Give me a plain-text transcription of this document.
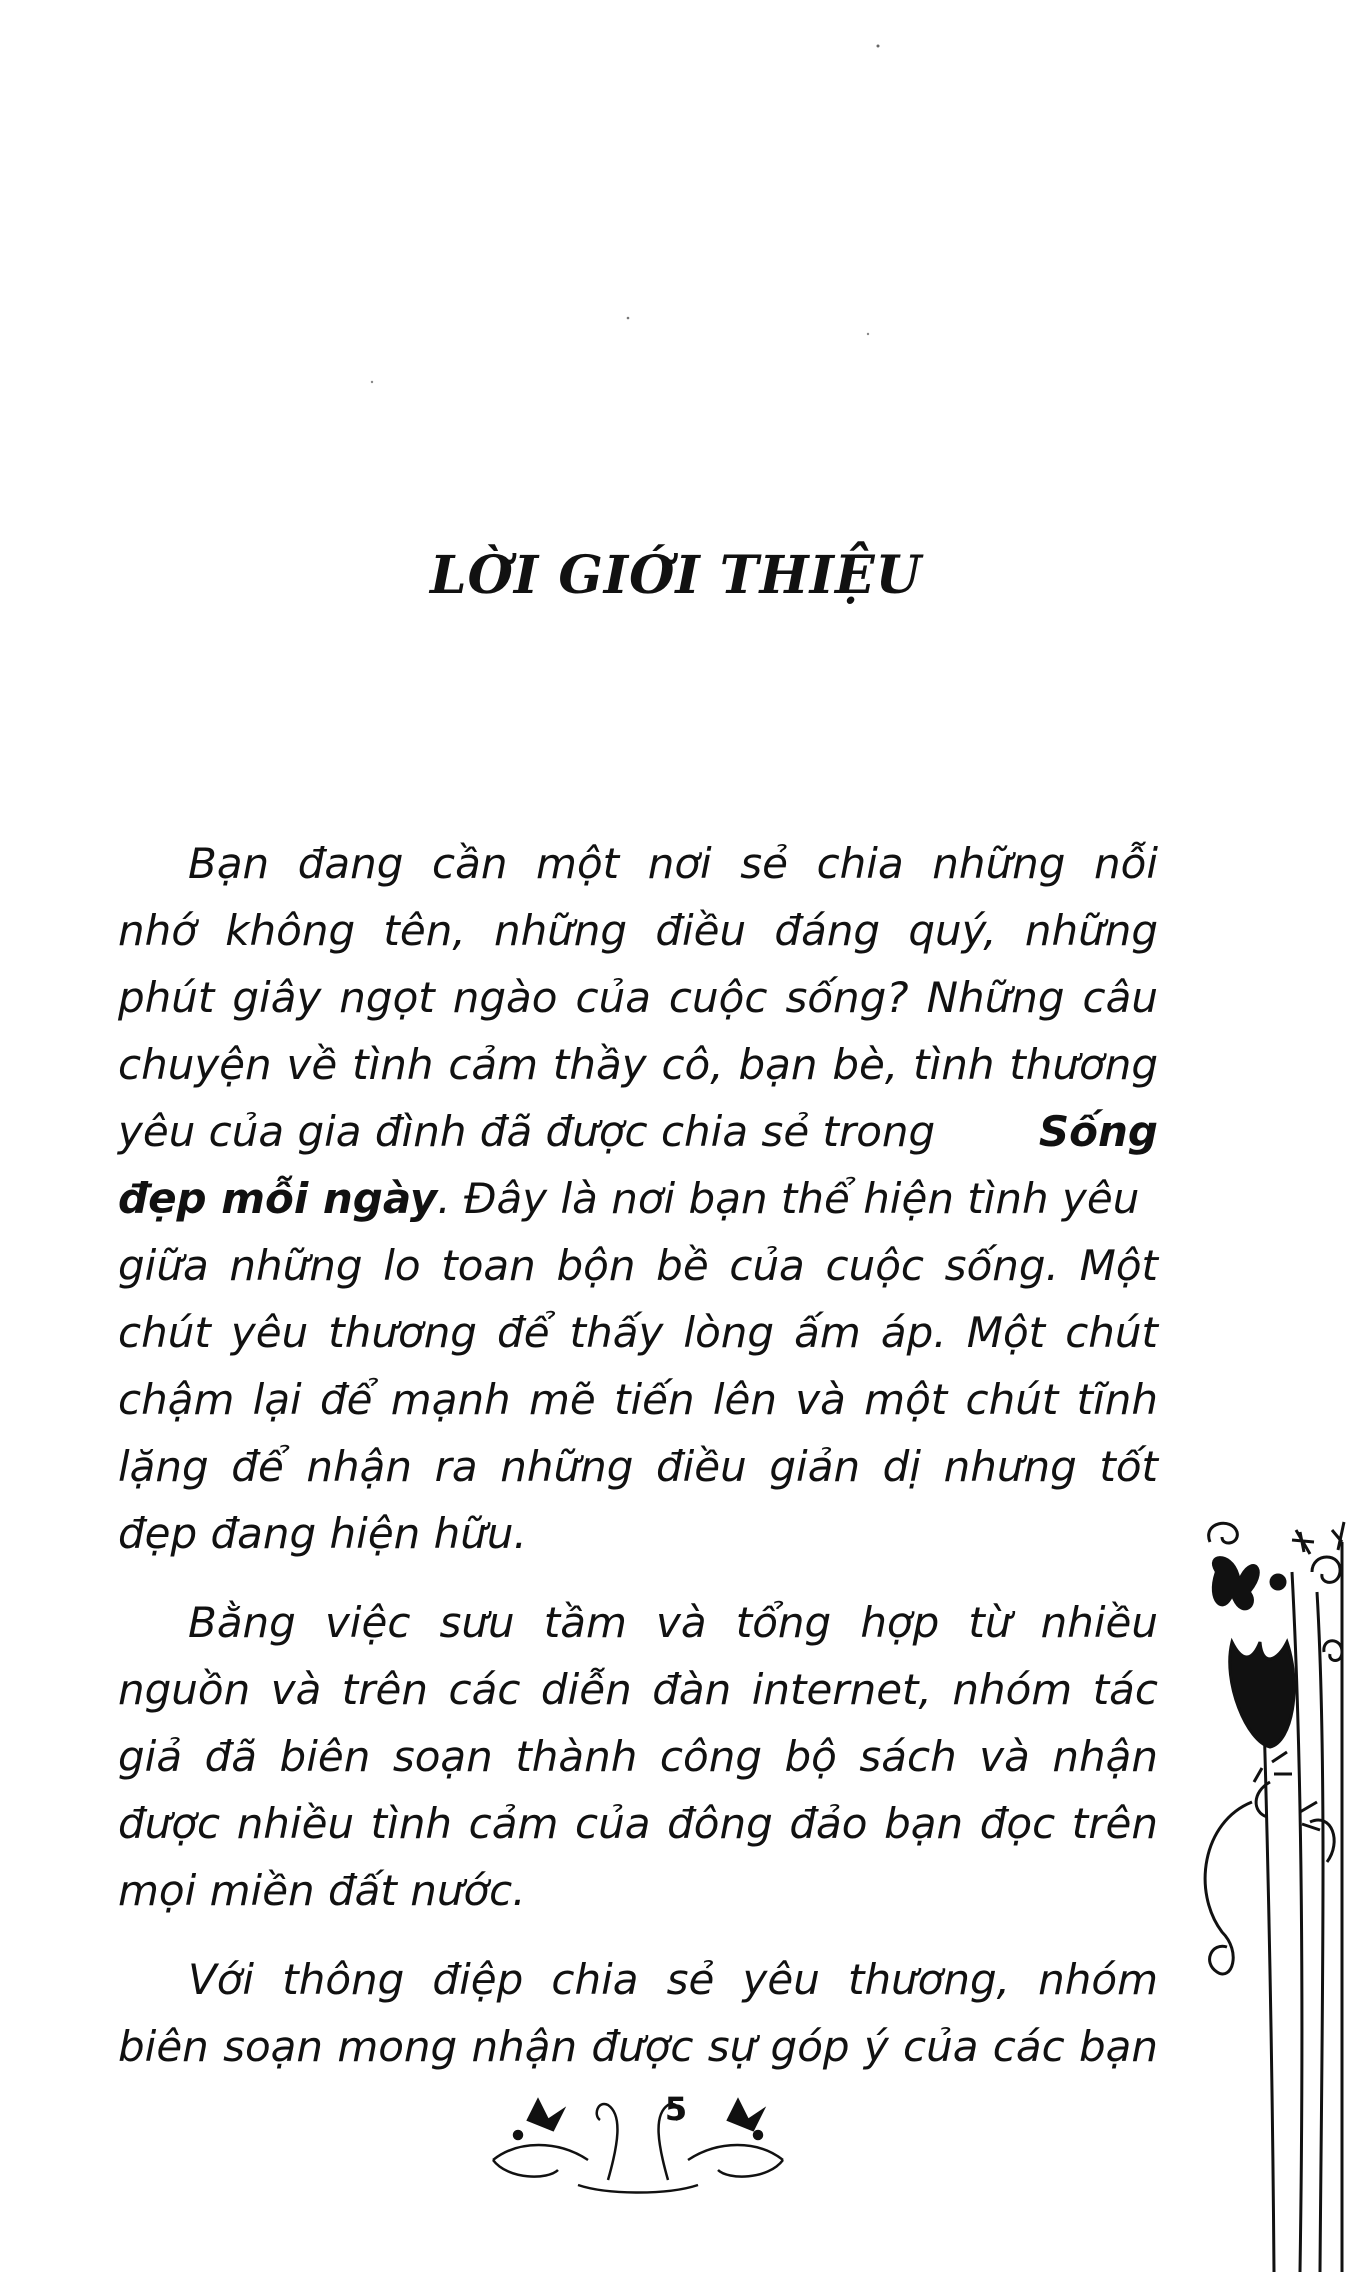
LỜI GIỚI THIỆU
Bạn đang cần một nơi sẻ chia những nỗi
nhớ không tên, những điều đáng quý, những
phút giây ngọt ngào của cuộc sống? Những câu
chuyện về tình cảm thầy cô, bạn bè, tình thương
yêu của gia đình đã được chia sẻ trong Sống
đẹp mỗi ngày. Đây là nơi bạn thể hiện tình yêu
giữa những lo toan bộn bề của cuộc sống. Một
chút yêu thương để thấy lòng ấm áp. Một chút
chậm lại để mạnh mẽ tiến lên và một chút tĩnh
lặng để nhận ra những điều giản dị nhưng tốt
đẹp đang hiện hữu.
Bằng việc sưu tầm và tổng hợp từ nhiều
nguồn và trên các diễn đàn internet, nhóm tác
giả đã biên soạn thành công bộ sách và nhận
được nhiều tình cảm của đông đảo bạn đọc trên
mọi miền đất nước.
Với thông điệp chia sẻ yêu thương, nhóm
biên soạn mong nhận được sự góp ý của các bạn
5
